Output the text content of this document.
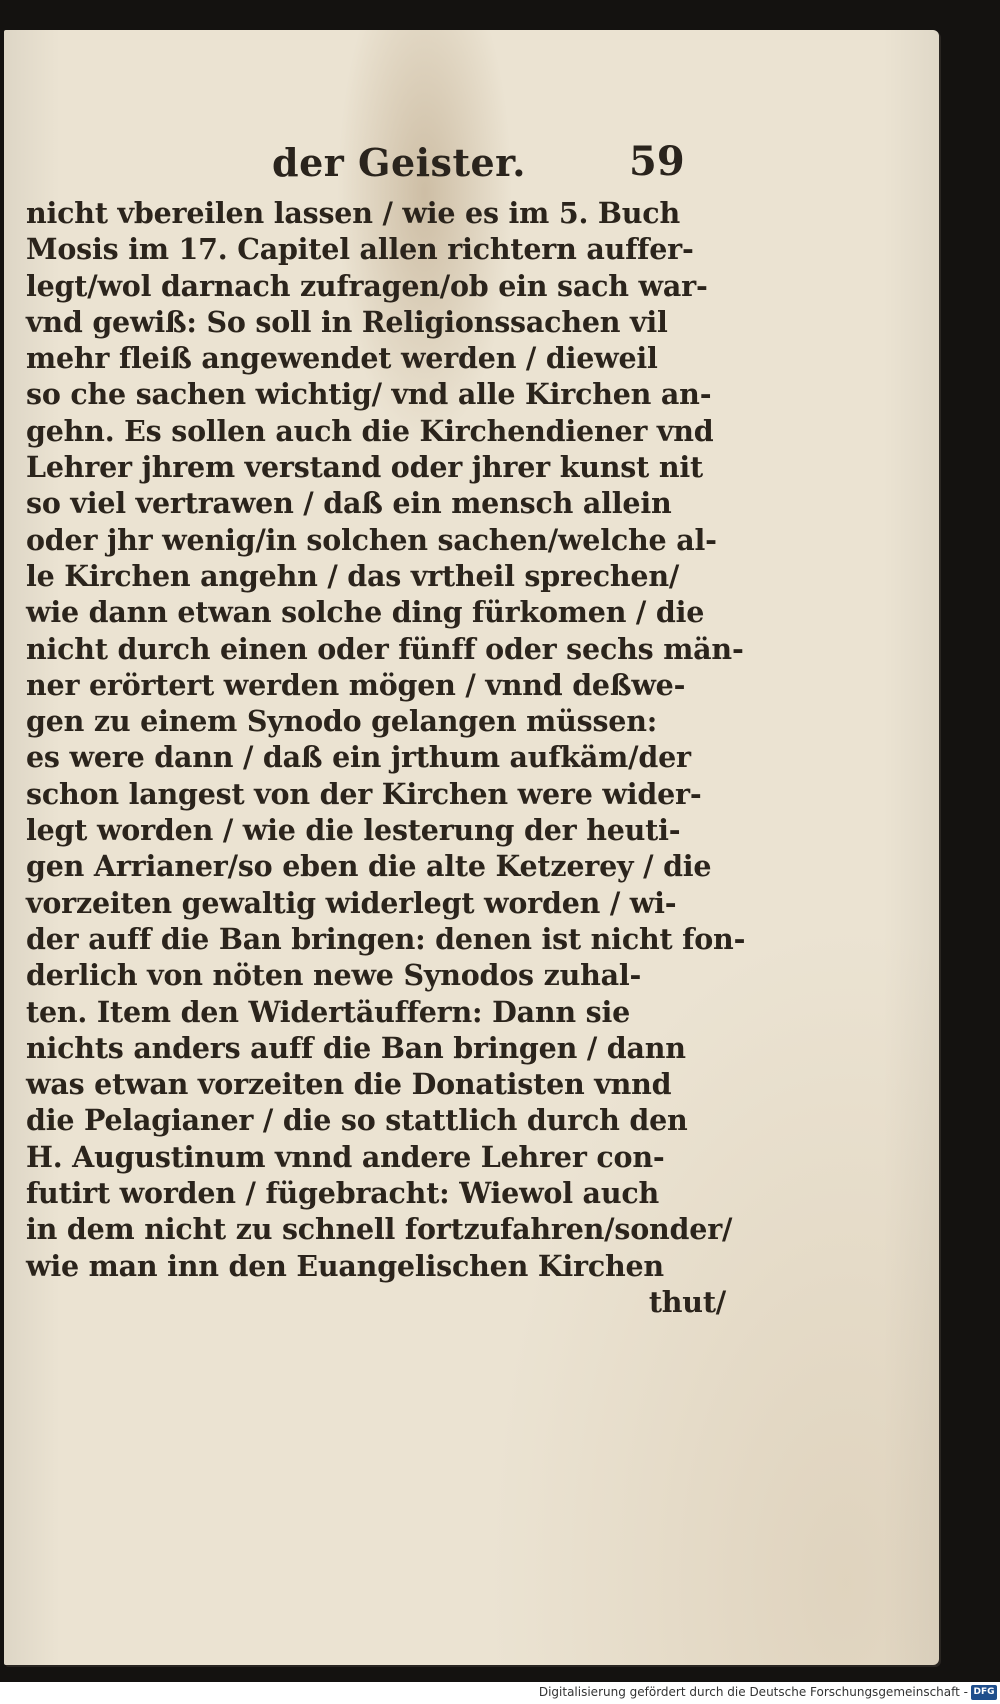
der Geister.	59
nicht vbereilen lassen / wie es im 5. Buch
Mosis im 17. Capitel allen richtern auffer-
legt/wol darnach zufragen/ob ein sach war-
vnd gewiß: So soll in Religionssachen vil
mehr fleiß angewendet werden / dieweil
so che sachen wichtig/ vnd alle Kirchen an-
gehn. Es sollen auch die Kirchendiener vnd
Lehrer jhrem verstand oder jhrer kunst nit
so viel vertrawen / daß ein mensch allein
oder jhr wenig/in solchen sachen/welche al-
le Kirchen angehn / das vrtheil sprechen/
wie dann etwan solche ding fürkomen / die
nicht durch einen oder fünff oder sechs män-
ner erörtert werden mögen / vnnd deßwe-
gen zu einem Synodo gelangen müssen:
es were dann / daß ein jrthum aufkäm/der
schon langest von der Kirchen were wider-
legt worden / wie die lesterung der heuti-
gen Arrianer/so eben die alte Ketzerey / die
vorzeiten gewaltig widerlegt worden / wi-
der auff die Ban bringen: denen ist nicht fon-
derlich von nöten newe Synodos zuhal-
ten. Item den Widertäuffern: Dann sie
nichts anders auff die Ban bringen / dann
was etwan vorzeiten die Donatisten vnnd
die Pelagianer / die so stattlich durch den
H. Augustinum vnnd andere Lehrer con-
futirt worden / fügebracht: Wiewol auch
in dem nicht zu schnell fortzufahren/sonder/
wie man inn den Euangelischen Kirchen
thut/
Digitalisierung gefördert durch die Deutsche Forschungsgemeinschaft - DFG
